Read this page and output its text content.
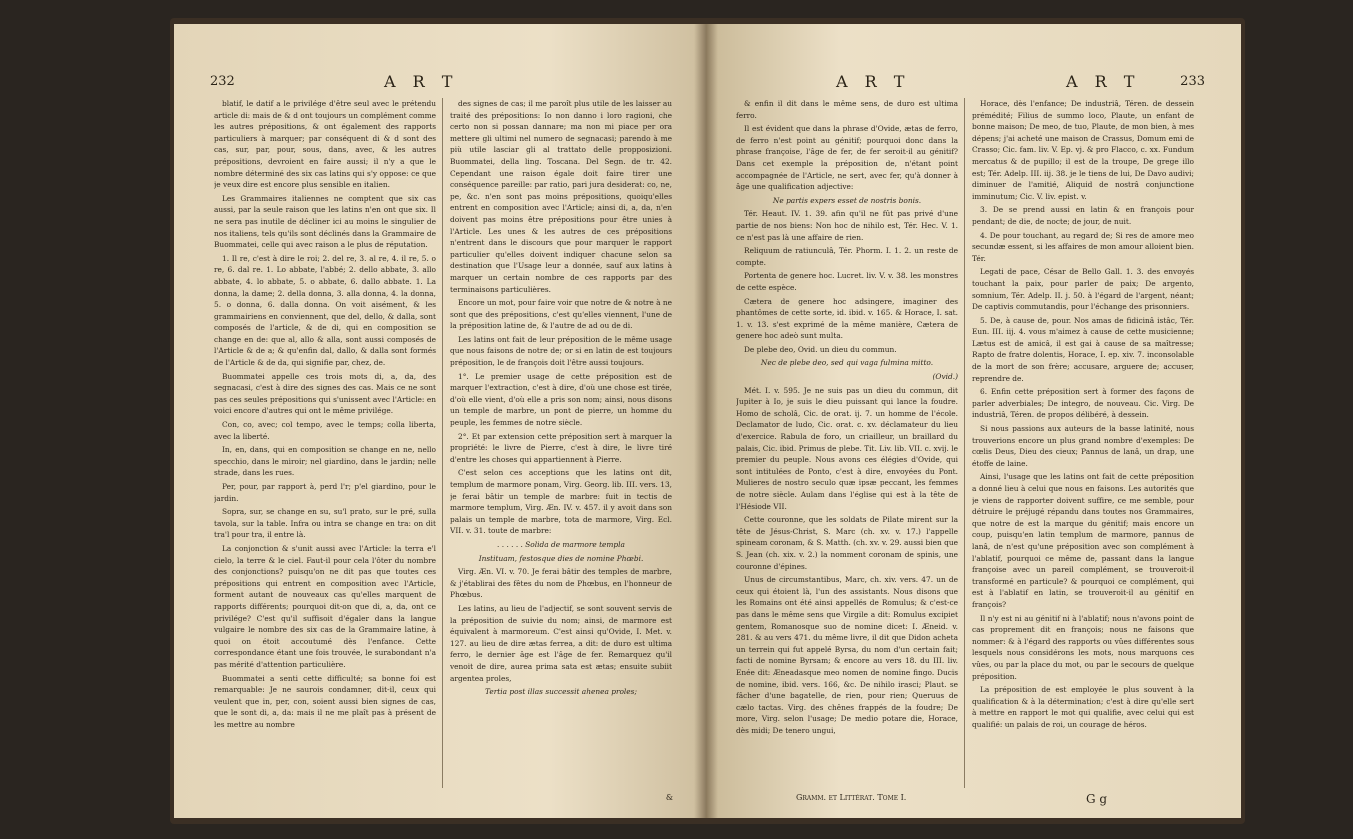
232	A R T

blatif, le datif a le privilége d'être seul avec le prétendu article di: mais de & d ont toujours un complément comme les autres prépositions, & ont également des rapports particuliers à marquer; par conséquent di & d sont des cas, sur, par, pour, sous, dans, avec, & les autres prépositions, devroient en faire aussi; il n'y a que le nombre déterminé des six cas latins qui s'y oppose: ce que je veux dire est encore plus sensible en italien.

Les Grammaires italiennes ne comptent que six cas aussi, par la seule raison que les latins n'en ont que six. Il ne sera pas inutile de décliner ici au moins le singulier de nos italiens, tels qu'ils sont déclinés dans la Grammaire de Buommatei, celle qui avec raison a le plus de réputation.

1. Il re, c'est à dire le roi; 2. del re, 3. al re, 4. il re, 5. o re, 6. dal re. 1. Lo abbate, l'abbé; 2. dello abbate, 3. allo abbate, 4. lo abbate, 5. o abbate, 6. dallo abbate. 1. La donna, la dame; 2. della donna, 3. alla donna, 4. la donna, 5. o donna, 6. dalla donna. On voit aisément, & les grammairiens en conviennent, que del, dello, & dalla, sont composés de l'article, & de di, qui en composition se change en de: que al, allo & alla, sont aussi composés de l'Article & de a; & qu'enfin dal, dallo, & dalla sont formés de l'Article & de da, qui signifie par, chez, de.

Buommatei appelle ces trois mots di, a, da, des segnacasi, c'est à dire des signes des cas. Mais ce ne sont pas ces seules prépositions qui s'unissent avec l'Article: en voici encore d'autres qui ont le même privilége.

Con, co, avec; col tempo, avec le temps; colla liberta, avec la liberté.

In, en, dans, qui en composition se change en ne, nello specchio, dans le miroir; nel giardino, dans le jardin; nelle strade, dans les rues.

Per, pour, par rapport à, perd l'r; p'el giardino, pour le jardin.

Sopra, sur, se change en su, su'l prato, sur le pré, sulla tavola, sur la table. Infra ou intra se change en tra: on dit tra'l pour tra, il entre là.

La conjonction & s'unit aussi avec l'Article: la terra e'l cielo, la terre & le ciel. Faut-il pour cela l'ôter du nombre des conjonctions? puisqu'on ne dit pas que toutes ces prépositions qui entrent en composition avec l'Article, forment autant de nouveaux cas qu'elles marquent de rapports différents; pourquoi dit-on que di, a, da, ont ce privilége? C'est qu'il suffisoit d'égaler dans la langue vulgaire le nombre des six cas de la Grammaire latine, à quoi on étoit accoutumé dès l'enfance. Cette correspondance étant une fois trouvée, le surabondant n'a pas mérité d'attention particulière.

Buommatei a senti cette difficulté; sa bonne foi est remarquable: Je ne saurois condamner, dit-il, ceux qui veulent que in, per, con, soient aussi bien signes de cas, que le sont di, a, da: mais il ne me plaît pas à présent de les mettre au nombre

des signes de cas; il me paroît plus utile de les laisser au traité des prépositions: Io non danno i loro ragioni, che certo non si possan dannare; ma non mi piace per ora mettere gli ultimi nel numero de segnacasi; parendo à me più utile lasciar gli al trattato delle propposizioni. Buommatei, della ling. Toscana. Del Segn. de tr. 42. Cependant une raison égale doit faire tirer une conséquence pareille: par ratio, pari jura desiderat: co, ne, pe, &c. n'en sont pas moins prépositions, quoiqu'elles entrent en composition avec l'Article; ainsi di, a, da, n'en doivent pas moins être prépositions pour être unies à l'Article. Les unes & les autres de ces prépositions n'entrent dans le discours que pour marquer le rapport particulier qu'elles doivent indiquer chacune selon sa destination que l'Usage leur a donnée, sauf aux latins à marquer un certain nombre de ces rapports par des terminaisons particulières.

Encore un mot, pour faire voir que notre de & notre à ne sont que des prépositions, c'est qu'elles viennent, l'une de la préposition latine de, & l'autre de ad ou de di.

Les latins ont fait de leur préposition de le même usage que nous faisons de notre de; or si en latin de est toujours préposition, le de françois doit l'être aussi toujours.

1°. Le premier usage de cette préposition est de marquer l'extraction, c'est à dire, d'où une chose est tirée, d'où elle vient, d'où elle a pris son nom; ainsi, nous disons un temple de marbre, un pont de pierre, un homme du peuple, les femmes de notre siècle.

2°. Et par extension cette préposition sert à marquer la propriété: le livre de Pierre, c'est à dire, le livre tiré d'entre les choses qui appartiennent à Pierre.

C'est selon ces acceptions que les latins ont dit, templum de marmore ponam, Virg. Georg. lib. III. vers. 13, je ferai bâtir un temple de marbre: fuit in tectis de marmore templum, Virg. Æn. IV. v. 457. il y avoit dans son palais un temple de marbre, tota de marmore, Virg. Ecl. VII. v. 31. toute de marbre:

. . . . . . Solida de marmore templa

Instituam, festosque dies de nomine Phœbi.

Virg. Æn. VI. v. 70. Je ferai bâtir des temples de marbre, & j'établirai des fêtes du nom de Phœbus, en l'honneur de Phœbus.

Les latins, au lieu de l'adjectif, se sont souvent servis de la préposition de suivie du nom; ainsi, de marmore est équivalent à marmoreum. C'est ainsi qu'Ovide, I. Met. v. 127. au lieu de dire ætas ferrea, a dit: de duro est ultima ferro, le dernier âge est l'âge de fer. Remarquez qu'il venoit de dire, aurea prima sata est ætas; ensuite subiit argentea proles,

Tertia post illas successit ahenea proles;

&
A R T	A R T	233

& enfin il dit dans le même sens, de duro est ultima ferro.

Il est évident que dans la phrase d'Ovide, ætas de ferro, de ferro n'est point au génitif; pourquoi donc dans la phrase françoise, l'âge de fer, de fer seroit-il au génitif? Dans cet exemple la préposition de, n'étant point accompagnée de l'Article, ne sert, avec fer, qu'à donner à âge une qualification adjective:

Ne partis expers esset de nostris bonis.

Tér. Heaut. IV. 1. 39. afin qu'il ne fût pas privé d'une partie de nos biens: Non hoc de nihilo est, Tér. Hec. V. 1. ce n'est pas là une affaire de rien.

Reliquum de ratiunculâ, Tér. Phorm. I. 1. 2. un reste de compte.

Portenta de genere hoc. Lucret. liv. V. v. 38. les monstres de cette espèce.

Cætera de genere hoc adsingere, imaginer des phantômes de cette sorte, id. ibid. v. 165. & Horace, I. sat. 1. v. 13. s'est exprimé de la même manière, Cætera de genere hoc adeò sunt multa.

De plebe deo, Ovid. un dieu du commun.

Nec de plebe deo, sed qui vaga fulmina mitto.

(Ovid.)

Mét. I. v. 595. Je ne suis pas un dieu du commun, dit Jupiter à Io, je suis le dieu puissant qui lance la foudre. Homo de scholâ, Cic. de orat. ij. 7. un homme de l'école. Declamator de ludo, Cic. orat. c. xv. déclamateur du lieu d'exercice. Rabula de foro, un criailleur, un braillard du palais, Cic. ibid. Primus de plebe. Tit. Liv. lib. VII. c. xvij. le premier du peuple. Nous avons ces élégies d'Ovide, qui sont intitulées de Ponto, c'est à dire, envoyées du Pont. Mulieres de nostro seculo quæ ipsæ peccant, les femmes de notre siècle. Aulam dans l'église qui est à la tête de l'Hésiode VII.

Cette couronne, que les soldats de Pilate mirent sur la tête de Jésus-Christ, S. Marc (ch. xv. v. 17.) l'appelle spineam coronam, & S. Matth. (ch. xv. v. 29. aussi bien que S. Jean (ch. xix. v. 2.) la nomment coronam de spinis, une couronne d'épines.

Unus de circumstantibus, Marc, ch. xiv. vers. 47. un de ceux qui étoient là, l'un des assistants. Nous disons que les Romains ont été ainsi appellés de Romulus; & c'est-ce pas dans le même sens que Virgile a dit: Romulus excipiet gentem, Romanosque suo de nomine dicet: I. Æneid. v. 281. & au vers 471. du même livre, il dit que Didon acheta un terrein qui fut appelé Byrsa, du nom d'un certain fait; facti de nomine Byrsam; & encore au vers 18. du III. liv. Enée dit: Æneadasque meo nomen de nomine fingo. Ducis de nomine, ibid. vers. 166, &c. De nihilo irasci; Plaut. se fâcher d'une bagatelle, de rien, pour rien; Queruus de cælo tactas. Virg. des chênes frappés de la foudre; De more, Virg. selon l'usage; De medio potare die, Horace, dès midi; De tenero ungui,

Horace, dès l'enfance; De industriâ, Téren. de dessein prémédité; Filius de summo loco, Plaute, un enfant de bonne maison; De meo, de tuo, Plaute, de mon bien, à mes dépens; j'ai acheté une maison de Crassus, Domum emi de Crasso; Cic. fam. liv. V. Ep. vj. & pro Flacco, c. xx. Fundum mercatus & de pupillo; il est de la troupe, De grege illo est; Tér. Adelp. III. iij. 38. je le tiens de lui, De Davo audivi; diminuer de l'amitié, Aliquid de nostrâ conjunctione imminutum; Cic. V. liv. epist. v.

3. De se prend aussi en latin & en françois pour pendant; de die, de nocte; de jour, de nuit.

4. De pour touchant, au regard de; Si res de amore meo secundæ essent, si les affaires de mon amour alloient bien. Tér.

Legati de pace, César de Bello Gall. 1. 3. des envoyés touchant la paix, pour parler de paix; De argento, somnium, Tér. Adelp. II. j. 50. à l'égard de l'argent, néant; De captivis commutandis, pour l'échange des prisonniers.

5. De, à cause de, pour. Nos amas de fidicinâ istâc, Tér. Eun. III. iij. 4. vous m'aimez à cause de cette musicienne; Lætus est de amicâ, il est gai à cause de sa maîtresse; Rapto de fratre dolentis, Horace, I. ep. xiv. 7. inconsolable de la mort de son frère; accusare, arguere de; accuser, reprendre de.

6. Enfin cette préposition sert à former des façons de parler adverbiales; De integro, de nouveau. Cic. Virg. De industriâ, Téren. de propos délibéré, à dessein.

Si nous passions aux auteurs de la basse latinité, nous trouverions encore un plus grand nombre d'exemples: De cœlis Deus, Dieu des cieux; Pannus de lanâ, un drap, une étoffe de laine.

Ainsi, l'usage que les latins ont fait de cette préposition a donné lieu à celui que nous en faisons. Les autorités que je viens de rapporter doivent suffire, ce me semble, pour détruire le préjugé répandu dans toutes nos Grammaires, que notre de est la marque du génitif; mais encore un coup, puisqu'en latin templum de marmore, pannus de lanâ, de n'est qu'une préposition avec son complément à l'ablatif, pourquoi ce même de, passant dans la langue françoise avec un pareil complément, se trouveroit-il transformé en particule? & pourquoi ce complément, qui est à l'ablatif en latin, se trouveroit-il au génitif en françois?

Il n'y est ni au génitif ni à l'ablatif; nous n'avons point de cas proprement dit en françois; nous ne faisons que nommer: & à l'égard des rapports ou vûes différentes sous lesquels nous considérons les mots, nous marquons ces vûes, ou par la place du mot, ou par le secours de quelque préposition.

La préposition de est employée le plus souvent à la qualification & à la détermination; c'est à dire qu'elle sert à mettre en rapport le mot qui qualifie, avec celui qui est qualifié: un palais de roi, un courage de héros.

Gramm. et Littérat. Tome I.	G g
